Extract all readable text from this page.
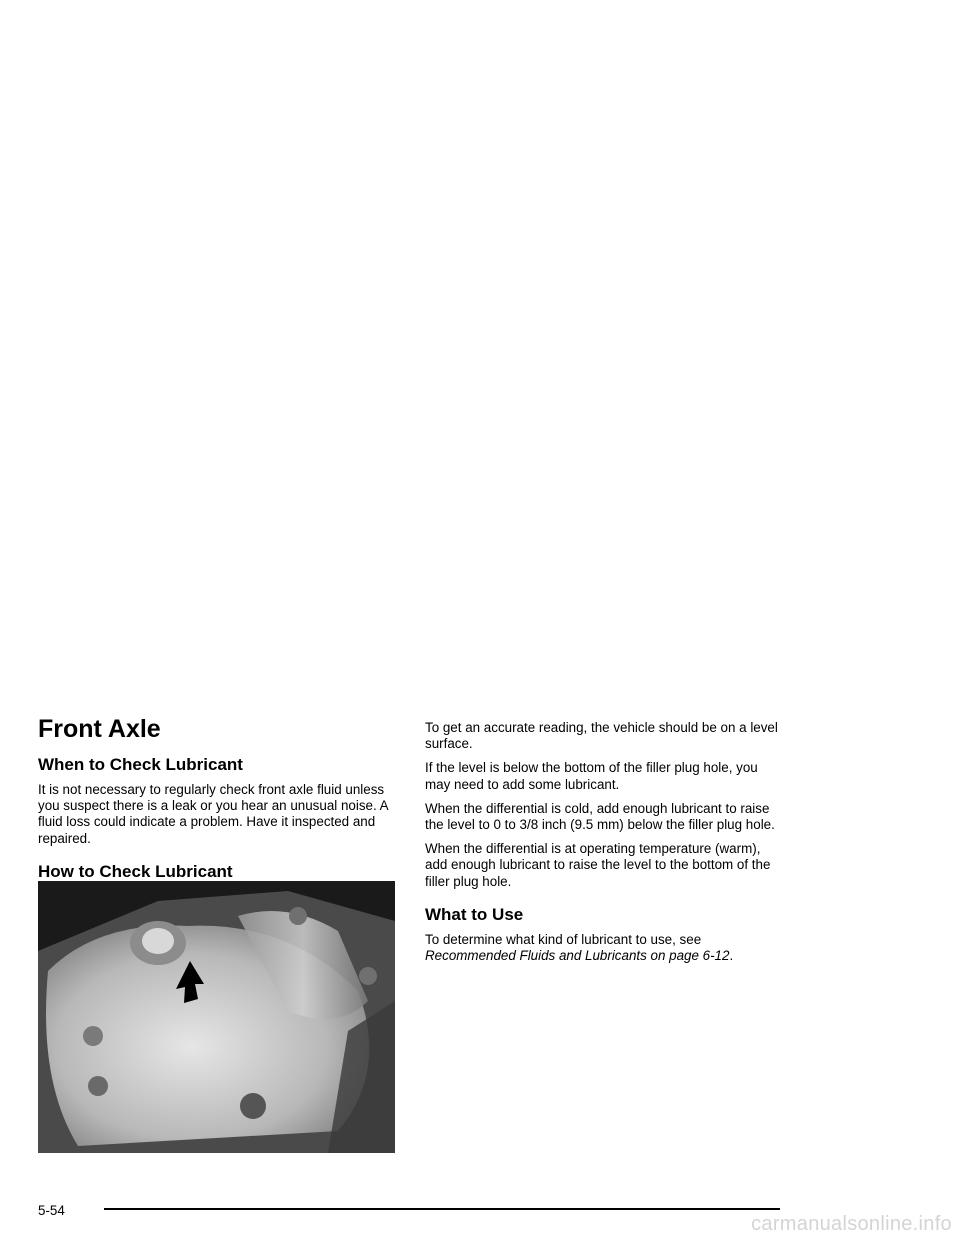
Front Axle
When to Check Lubricant

It is not necessary to regularly check front axle fluid unless you suspect there is a leak or you hear an unusual noise. A fluid loss could indicate a problem. Have it inspected and repaired.

How to Check Lubricant

To get an accurate reading, the vehicle should be on a level surface.

If the level is below the bottom of the filler plug hole, you may need to add some lubricant.

When the differential is cold, add enough lubricant to raise the level to 0 to 3/8 inch (9.5 mm) below the filler plug hole.

When the differential is at operating temperature (warm), add enough lubricant to raise the level to the bottom of the filler plug hole.

What to Use

To determine what kind of lubricant to use, see Recommended Fluids and Lubricants on page 6-12.

5-54
carmanualsonline.info
